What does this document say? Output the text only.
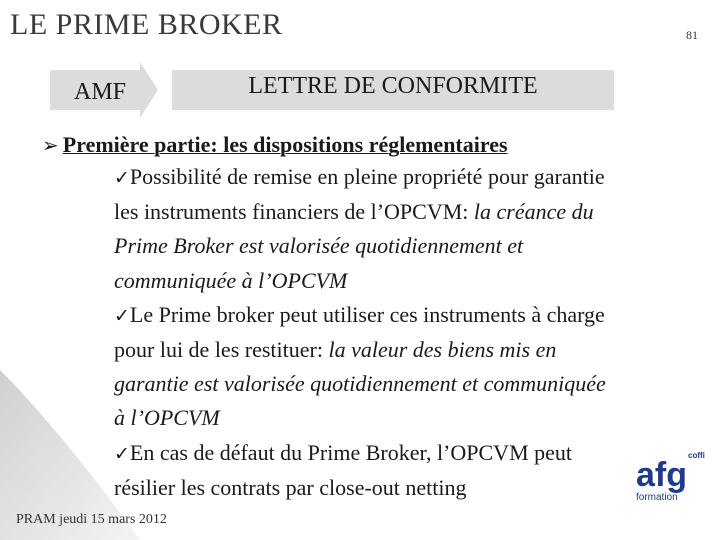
LE PRIME BROKER	81
AMF	LETTRE DE CONFORMITE
➢ Première partie: les dispositions réglementaires
✓Possibilité de remise en pleine propriété pour garantie
les instruments financiers de l’OPCVM: la créance du
Prime Broker est valorisée quotidiennement et
communiquée à l’OPCVM
✓Le Prime broker peut utiliser ces instruments à charge
pour lui de les restituer: la valeur des biens mis en
garantie est valorisée quotidiennement et communiquée
à l’OPCVM
✓En cas de défaut du Prime Broker, l’OPCVM peut
résilier les contrats par close-out netting
PRAM jeudi 15 mars 2012
coffi
afg
formation
